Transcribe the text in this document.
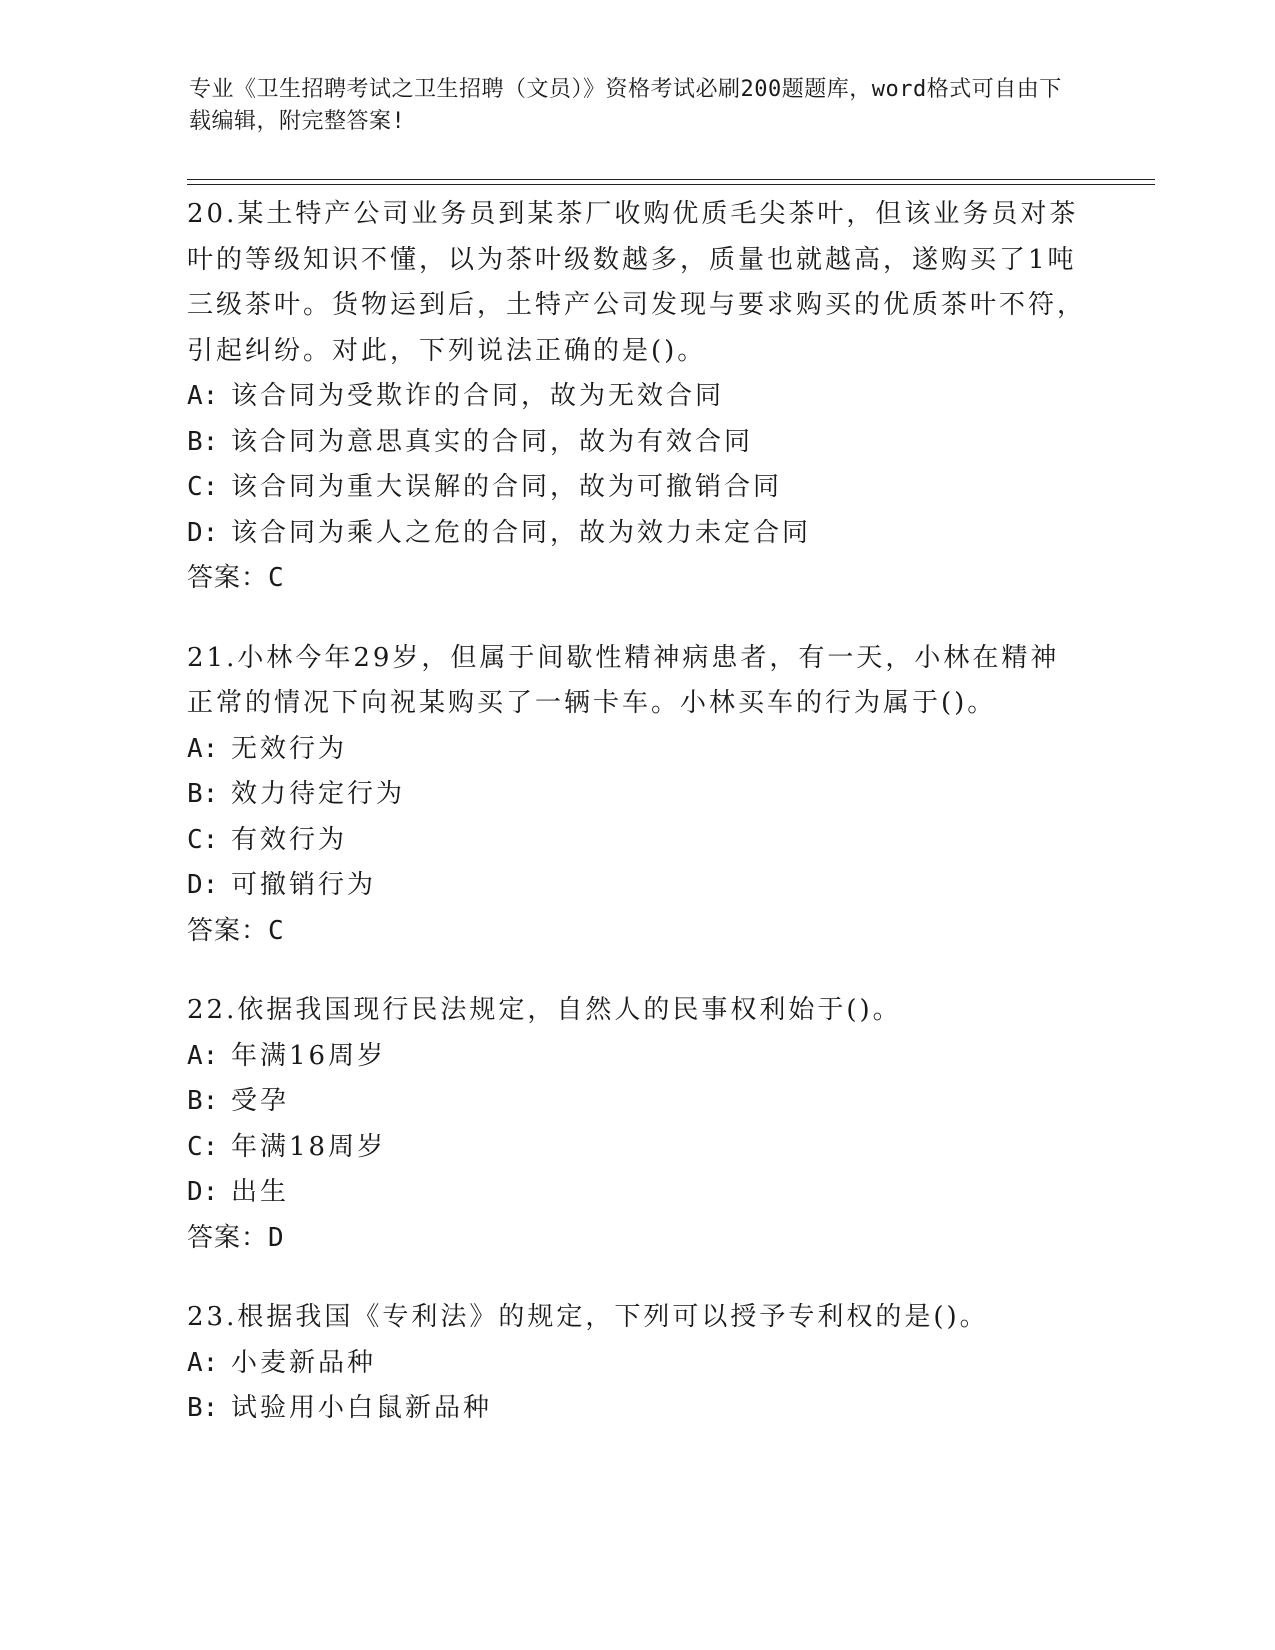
专业《卫生招聘考试之卫生招聘（文员）》资格考试必刷200题题库，word格式可自由下载编辑，附完整答案!

20.某土特产公司业务员到某茶厂收购优质毛尖茶叶，但该业务员对茶叶的等级知识不懂，以为茶叶级数越多，质量也就越高，遂购买了1吨三级茶叶。货物运到后，土特产公司发现与要求购买的优质茶叶不符，引起纠纷。对此，下列说法正确的是()。

A: 该合同为受欺诈的合同，故为无效合同

B: 该合同为意思真实的合同，故为有效合同

C: 该合同为重大误解的合同，故为可撤销合同

D: 该合同为乘人之危的合同，故为效力未定合同

答案：C

21.小林今年29岁，但属于间歇性精神病患者，有一天，小林在精神正常的情况下向祝某购买了一辆卡车。小林买车的行为属于()。

A: 无效行为

B: 效力待定行为

C: 有效行为

D: 可撤销行为

答案：C

22.依据我国现行民法规定，自然人的民事权利始于()。

A: 年满16周岁

B: 受孕

C: 年满18周岁

D: 出生

答案：D

23.根据我国《专利法》的规定，下列可以授予专利权的是()。

A: 小麦新品种

B: 试验用小白鼠新品种
